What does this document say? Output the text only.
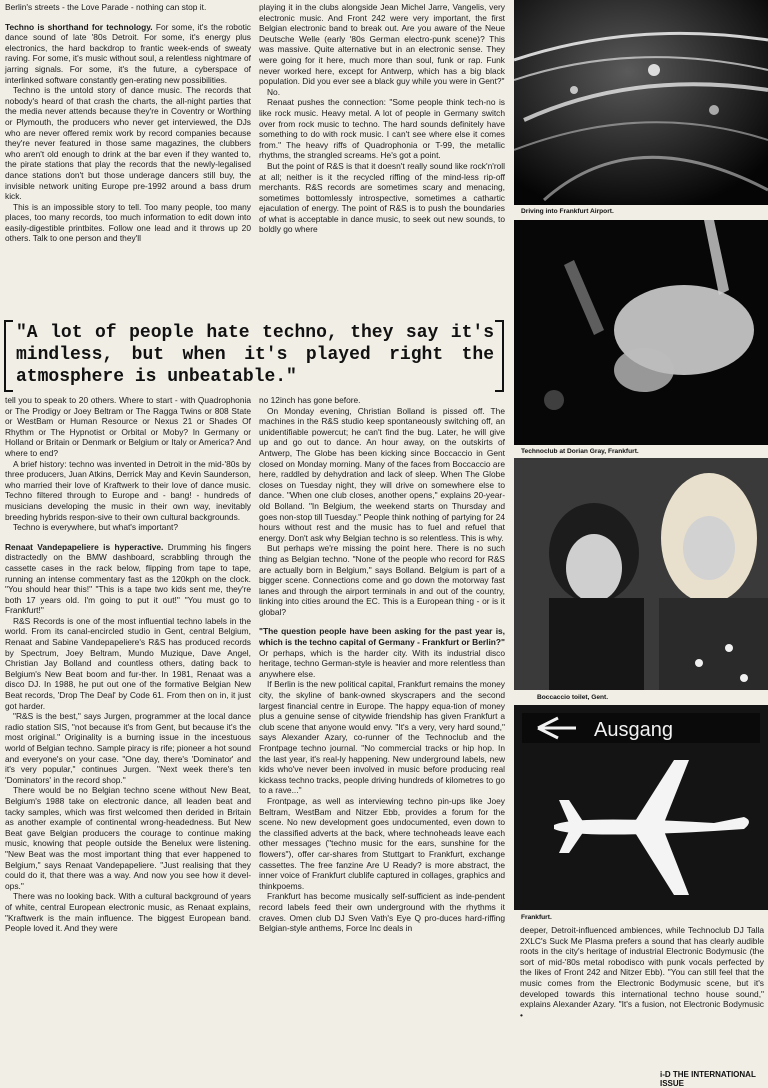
Berlin's streets - the Love Parade - nothing can stop it.

Techno is shorthand for technology. For some, it's the robotic dance sound of late '80s Detroit. For some, it's energy plus electronics, the hard backdrop to frantic week-ends of sweaty raving. For some, it's music without soul, a relentless nightmare of jarring signals. For some, it's the future, a cyberspace of interlinked software constantly gen-erating new possibilities.

Techno is the untold story of dance music. The records that nobody's heard of that crash the charts, the all-night parties that the media never attends because they're in Coventry or Worthing or Plymouth, the producers who never get interviewed, the DJs who are never offered remix work by record companies because they're never featured in those same magazines, the clubbers who aren't old enough to drink at the bar even if they wanted to, the pirate stations that play the records that the newly-legalised dance stations don't but those underage dancers still buy, the invisible network uniting Europe pre-1992 around a bass drum kick.

This is an impossible story to tell. Too many people, too many places, too many records, too much information to edit down into easily-digestible printbites. Follow one lead and it throws up 20 others. Talk to one person and they'll

playing it in the clubs alongside Jean Michel Jarre, Vangelis, very electronic music. And Front 242 were very important, the first Belgian electronic band to break out. Are you aware of the Neue Deutsche Welle (early '80s German electro-punk scene)? This was massive. Quite alternative but in an electronic sense. They were going for it here, much more than soul, funk or rap. Funk never worked here, except for Antwerp, which has a big black population. Did you ever see a black guy while you were in Gent?"

No.

Renaat pushes the connection: "Some people think tech-no is like rock music. Heavy metal. A lot of people in Germany switch over from rock music to techno. The hard sounds definitely have something to do with rock music. I can't see where else it comes from." The heavy riffs of Quadrophonia or T-99, the metallic rhythms, the strangled screams. He's got a point.

But the point of R&S is that it doesn't really sound like rock'n'roll at all; neither is it the recycled riffing of the mind-less rip-off merchants. R&S records are sometimes scary and menacing, sometimes bottomlessly introspective, sometimes a cathartic ejaculation of energy. The point of R&S is to push the boundaries of what is acceptable in dance music, to seek out new sounds, to boldly go where

"A lot of people hate techno, they say it's mindless, but when it's played right the atmosphere is unbeatable."

tell you to speak to 20 others. Where to start - with Quadrophonia or The Prodigy or Joey Beltram or The Ragga Twins or 808 State or WestBam or Human Resource or Nexus 21 or Shades Of Rhythm or The Hypnotist or Orbital or Moby? In Germany or Holland or Britain or Denmark or Belgium or Italy or America? And where to end?

A brief history: techno was invented in Detroit in the mid-'80s by three producers, Juan Atkins, Derrick May and Kevin Saunderson, who married their love of Kraftwerk to their love of dance music. Techno filtered through to Europe and - bang! - hundreds of musicians developing the music in their own way, inevitably breeding hybrids respon-sive to their own cultural backgrounds.

Techno is everywhere, but what's important?

Renaat Vandepapeliere is hyperactive. Drumming his fingers distractedly on the BMW dashboard, scrabbling through the cassette cases in the rack below, flipping from tape to tape, running an intense commentary fast as the 120kph on the clock. "You should hear this!" "This is a tape two kids sent me, they're both 17 years old. I'm going to put it out!" "You must go to Frankfurt!"

R&S Records is one of the most influential techno labels in the world. From its canal-encircled studio in Gent, central Belgium, Renaat and Sabine Vandepapeliere's R&S has produced records by Spectrum, Joey Beltram, Mundo Muzique, Dave Angel, Christian Jay Bolland and countless others, dating back to Belgium's New Beat boom and fur-ther. In 1981, Renaat was a disco DJ. In 1988, he put out one of the formative Belgian New Beat records, 'Drop The Deal' by Code 61. From then on in, it just got harder.

"R&S is the best," says Jurgen, programmer at the local dance radio station SIS, "not because it's from Gent, but because it's the most original." Originality is a burning issue in the incestuous world of Belgian techno. Sample piracy is rife; pioneer a hot sound and everyone's on your case. "One day, there's 'Dominator' and it's very popular," continues Jurgen. "Next week there's ten 'Dominators' in the record shop."

There would be no Belgian techno scene without New Beat, Belgium's 1988 take on electronic dance, all leaden beat and tacky samples, which was first welcomed then derided in Britain as another example of continental wrong-headedness. But New Beat gave Belgian producers the courage to continue making music, knowing that people outside the Benelux were listening. "New Beat was the most important thing that ever happened to Belgium," says Renaat Vandepapeliere. "Just realising that they could do it, that there was a way. And now you see how it devel-ops."

There was no looking back. With a cultural background of years of white, central European electronic music, as Renaat explains, "Kraftwerk is the main influence. The biggest European band. People loved it. And they were

no 12inch has gone before.

On Monday evening, Christian Bolland is pissed off. The machines in the R&S studio keep spontaneously switching off, an unidentifiable powercut; he can't find the bug. Later, he will give up and go out to dance. An hour away, on the outskirts of Antwerp, The Globe has been kicking since Boccaccio in Gent closed on Monday morning. Many of the faces from Boccaccio are here, raddled by dehydration and lack of sleep. When The Globe closes on Tuesday night, they will drive on somewhere else to dance. "When one club closes, another opens," explains 20-year-old Bolland. "In Belgium, the weekend starts on Thursday and goes non-stop till Tuesday." People think nothing of partying for 24 hours without rest and the music has to fuel and refuel that energy. Don't ask why Belgian techno is so relentless. This is why.

But perhaps we're missing the point here. There is no such thing as Belgian techno. "None of the people who record for R&S are actually born in Belgium," says Bolland. Belgium is part of a bigger scene. Connections come and go down the motorway fast lanes and through the airport terminals in and out of the country, linking into cities around the EC. This is a European thing - or is it global?

"The question people have been asking for the past year is, which is the techno capital of Germany - Frankfurt or Berlin?" Or perhaps, which is the harder city. With its industrial disco heritage, techno German-style is heavier and more relentless than anywhere else.

If Berlin is the new political capital, Frankfurt remains the money city, the skyline of bank-owned skyscrapers and the second largest financial centre in Europe. The happy equa-tion of money plus a genuine sense of citywide friendship has given Frankfurt a club scene that anyone would envy. "It's a very, very hard sound," says Alexander Azary, co-runner of the Technoclub and the Frontpage techno journal. "No commercial tracks or hip hop. In the last year, it's real-ly happening. New underground labels, new kids who've never been involved in music before producing real kickass techno tracks, people driving hundreds of kilometres to go to a rave..."

Frontpage, as well as interviewing techno pin-ups like Joey Beltram, WestBam and Nitzer Ebb, provides a forum for the scene. No new development goes undocumented, even down to the classified adverts at the back, where technoheads leave each other messages ("techno music for the ears, sunshine for the flowers"), offer car-shares from Stuttgart to Frankfurt, exchange cassettes. The free fanzine Are U Ready? is more abstract, the inner voice of Frankfurt clublife captured in collages, graphics and thinkpoems.

Frankfurt has become musically self-sufficient as inde-pendent record labels feed their own underground with the rhythms it craves. Omen club DJ Sven Vath's Eye Q pro-duces hard-riffing Belgian-style anthems, Force Inc deals in

Driving into Frankfurt Airport.
Technoclub at Dorian Gray, Frankfurt.
Boccaccio toilet, Gent.
Ausgang
Frankfurt.

deeper, Detroit-influenced ambiences, while Technoclub DJ Talla 2XLC's Suck Me Plasma prefers a sound that has clearly audible roots in the city's heritage of industrial Electronic Bodymusic (the sort of mid-'80s metal robodisco with punk vocals perfected by the likes of Front 242 and Nitzer Ebb). "You can still feel that the music comes from the Electronic Bodymusic scene, but it's developed towards this international techno house sound," explains Alexander Azary. "It's a fusion, not Electronic Bodymusic •

i-D THE INTERNATIONAL ISSUE
